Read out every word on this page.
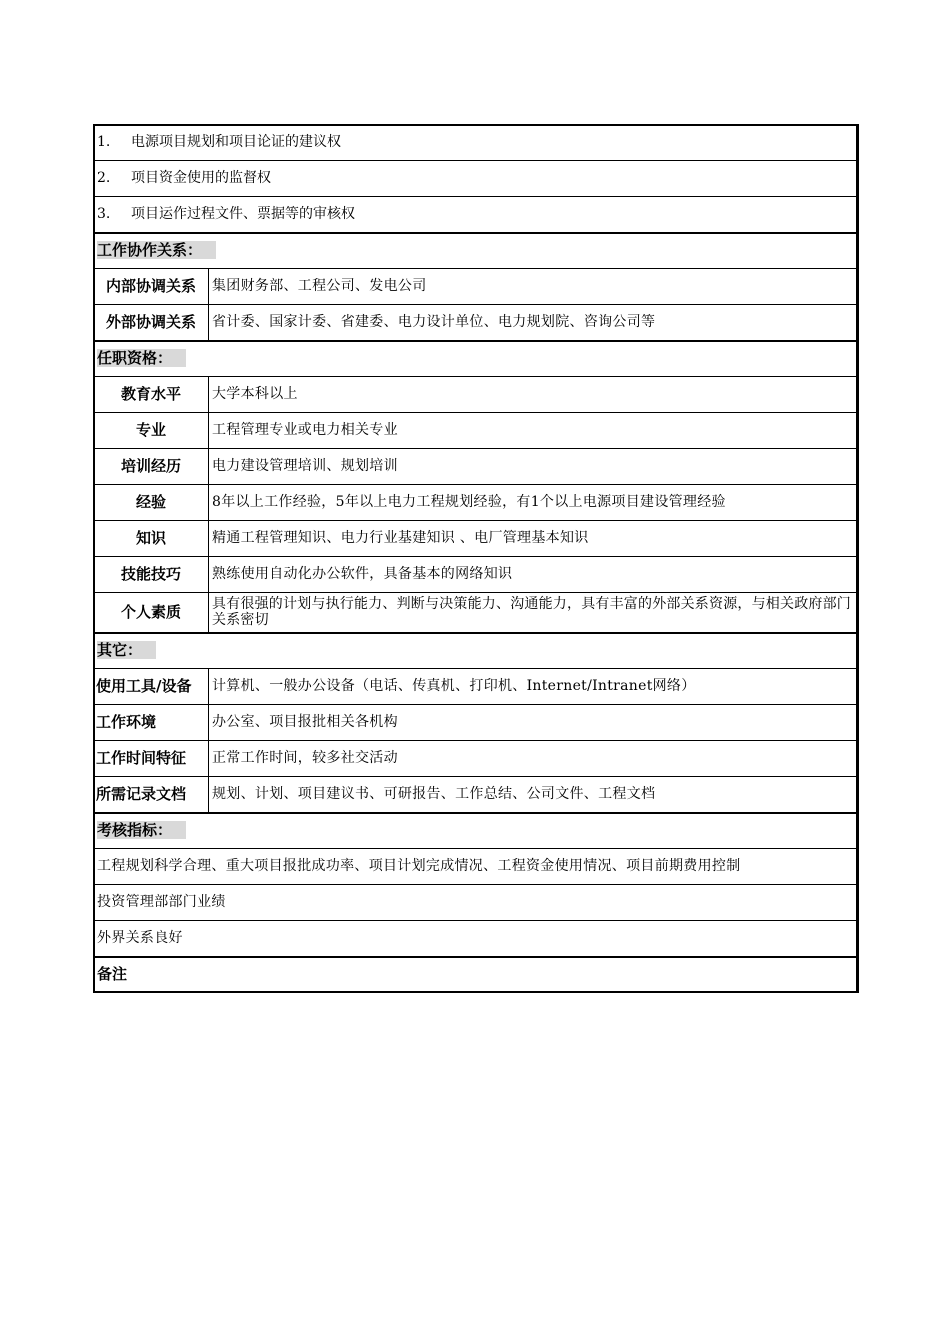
1. 电源项目规划和项目论证的建议权	
2. 项目资金使用的监督权	
3. 项目运作过程文件、票据等的审核权	
工作协作关系：	
内部协调关系	集团财务部、工程公司、发电公司
外部协调关系	省计委、国家计委、省建委、电力设计单位、电力规划院、咨询公司等
任职资格：	
教育水平	大学本科以上
专业	工程管理专业或电力相关专业
培训经历	电力建设管理培训、规划培训
经验	8年以上工作经验，5年以上电力工程规划经验，有1个以上电源项目建设管理经验
知识	精通工程管理知识、电力行业基建知识 、电厂管理基本知识
技能技巧	熟练使用自动化办公软件，具备基本的网络知识
个人素质	具有很强的计划与执行能力、判断与决策能力、沟通能力，具有丰富的外部关系资源，与相关政府部门关系密切
其它：	
使用工具/设备	计算机、一般办公设备（电话、传真机、打印机、Internet/Intranet网络）
工作环境	办公室、项目报批相关各机构
工作时间特征	正常工作时间，较多社交活动
所需记录文档	规划、计划、项目建议书、可研报告、工作总结、公司文件、工程文档
考核指标：	
工程规划科学合理、重大项目报批成功率、项目计划完成情况、工程资金使用情况、项目前期费用控制	
投资管理部部门业绩	
外界关系良好	
备注	
